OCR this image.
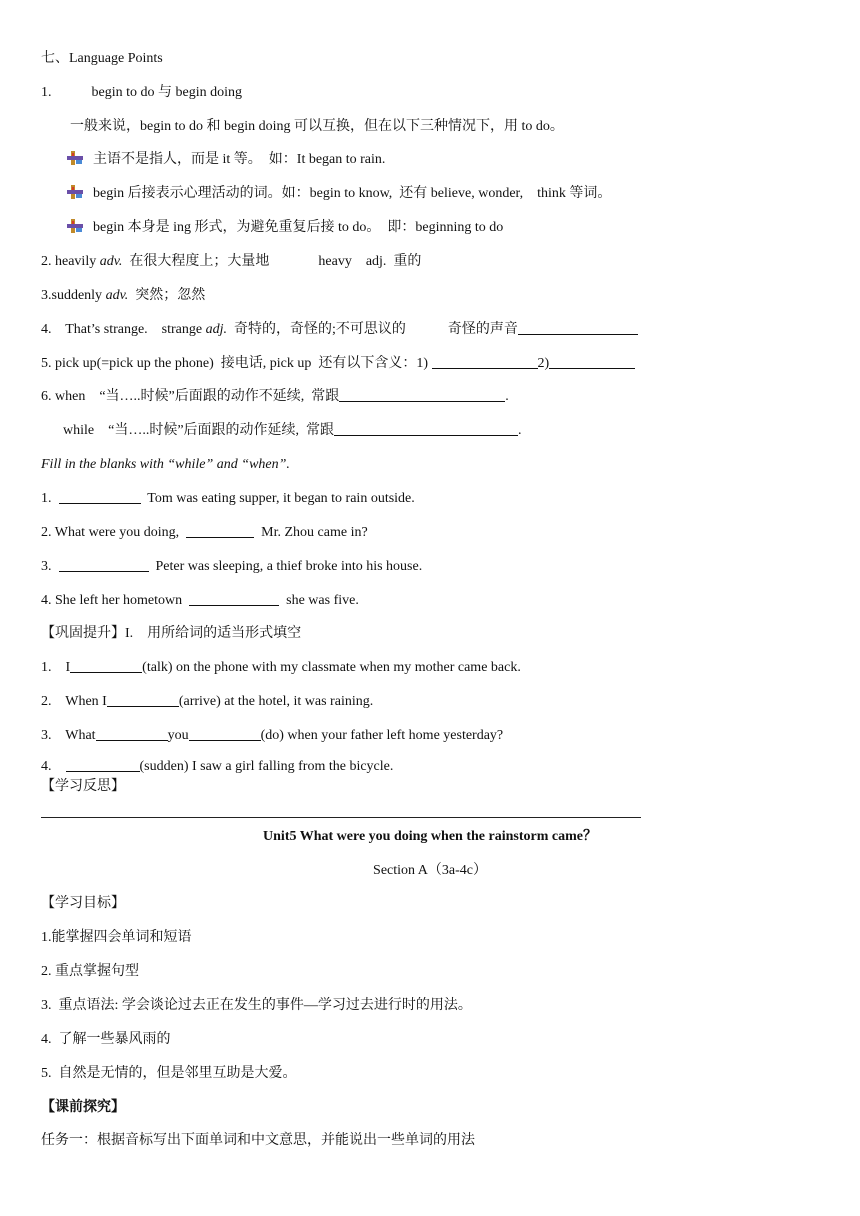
七、Language Points
1.	begin to do 与 begin doing
一般来说，begin to do 和 begin doing 可以互换，但在以下三种情况下，用 to do。
主语不是指人，而是 it 等。  如：It began to rain.
begin 后接表示心理活动的词。如：begin to know,  还有 believe, wonder,    think 等词。
begin 本身是 ing 形式，为避免重复后接 to do。  即：beginning to do
2. heavily adv.  在很大程度上；大量地              heavy    adj.  重的
3.suddenly adv.  突然；忽然
4.    That’s strange.    strange adj.  奇特的，奇怪的;不可思议的            奇怪的声音
5. pick up(=pick up the phone)  接电话, pick up  还有以下含义：1)	2)
6. when    “当…..时候”后面跟的动作不延续,  常跟	.
while    “当…..时候”后面跟的动作延续,  常跟	.
Fill in the blanks with “while” and “when”.
1.	Tom was eating supper, it began to rain outside.
2. What were you doing,	Mr. Zhou came in?
3.	Peter was sleeping, a thief broke into his house.
4. She left her hometown	she was five.
【巩固提升】I.    用所给词的适当形式填空
1.    I	(talk) on the phone with my classmate when my mother came back.
2.    When I	(arrive) at the hotel, it was raining.
3.    What	you	(do) when your father left home yesterday?
4.	(sudden) I saw a girl falling from the bicycle.
【学习反思】
Unit5 What were you doing when the rainstorm came？
Section A（3a-4c）
【学习目标】
1.能掌握四会单词和短语
2. 重点掌握句型
3.  重点语法: 学会谈论过去正在发生的事件—学习过去进行时的用法。
4.  了解一些暴风雨的
5.  自然是无情的，但是邻里互助是大爱。
【课前探究】
任务一：根据音标写出下面单词和中文意思，并能说出一些单词的用法
